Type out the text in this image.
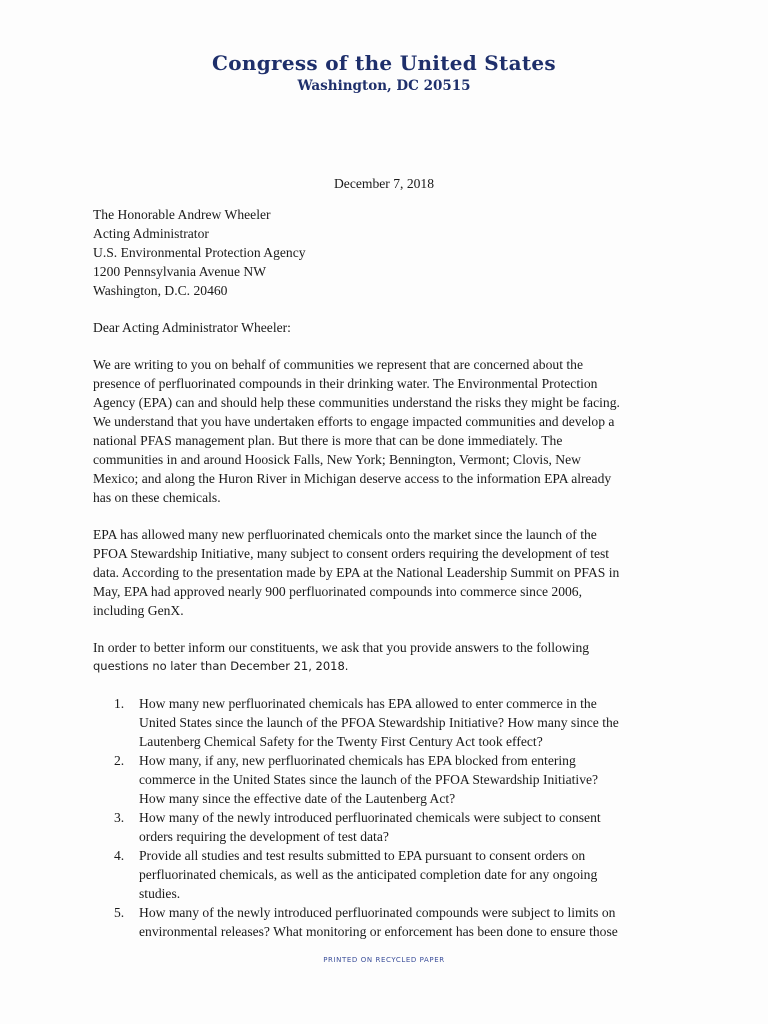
Congress of the United States
Washington, DC 20515
December 7, 2018
The Honorable Andrew Wheeler
Acting Administrator
U.S. Environmental Protection Agency
1200 Pennsylvania Avenue NW
Washington, D.C. 20460
Dear Acting Administrator Wheeler:
We are writing to you on behalf of communities we represent that are concerned about the
presence of perfluorinated compounds in their drinking water. The Environmental Protection
Agency (EPA) can and should help these communities understand the risks they might be facing.
We understand that you have undertaken efforts to engage impacted communities and develop a
national PFAS management plan. But there is more that can be done immediately. The
communities in and around Hoosick Falls, New York; Bennington, Vermont; Clovis, New
Mexico; and along the Huron River in Michigan deserve access to the information EPA already
has on these chemicals.
EPA has allowed many new perfluorinated chemicals onto the market since the launch of the
PFOA Stewardship Initiative, many subject to consent orders requiring the development of test
data. According to the presentation made by EPA at the National Leadership Summit on PFAS in
May, EPA had approved nearly 900 perfluorinated compounds into commerce since 2006,
including GenX.
In order to better inform our constituents, we ask that you provide answers to the following
questions no later than December 21, 2018.
1. How many new perfluorinated chemicals has EPA allowed to enter commerce in the
United States since the launch of the PFOA Stewardship Initiative? How many since the
Lautenberg Chemical Safety for the Twenty First Century Act took effect?
2. How many, if any, new perfluorinated chemicals has EPA blocked from entering
commerce in the United States since the launch of the PFOA Stewardship Initiative?
How many since the effective date of the Lautenberg Act?
3. How many of the newly introduced perfluorinated chemicals were subject to consent
orders requiring the development of test data?
4. Provide all studies and test results submitted to EPA pursuant to consent orders on
perfluorinated chemicals, as well as the anticipated completion date for any ongoing
studies.
5. How many of the newly introduced perfluorinated compounds were subject to limits on
environmental releases? What monitoring or enforcement has been done to ensure those
PRINTED ON RECYCLED PAPER
